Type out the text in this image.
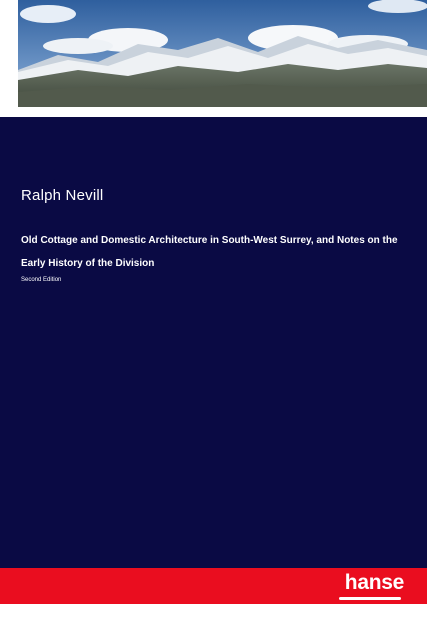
Ralph Nevill
Old Cottage and Domestic Architecture in South-West Surrey, and Notes on the Early History of the Division
Second Edition
hanse
